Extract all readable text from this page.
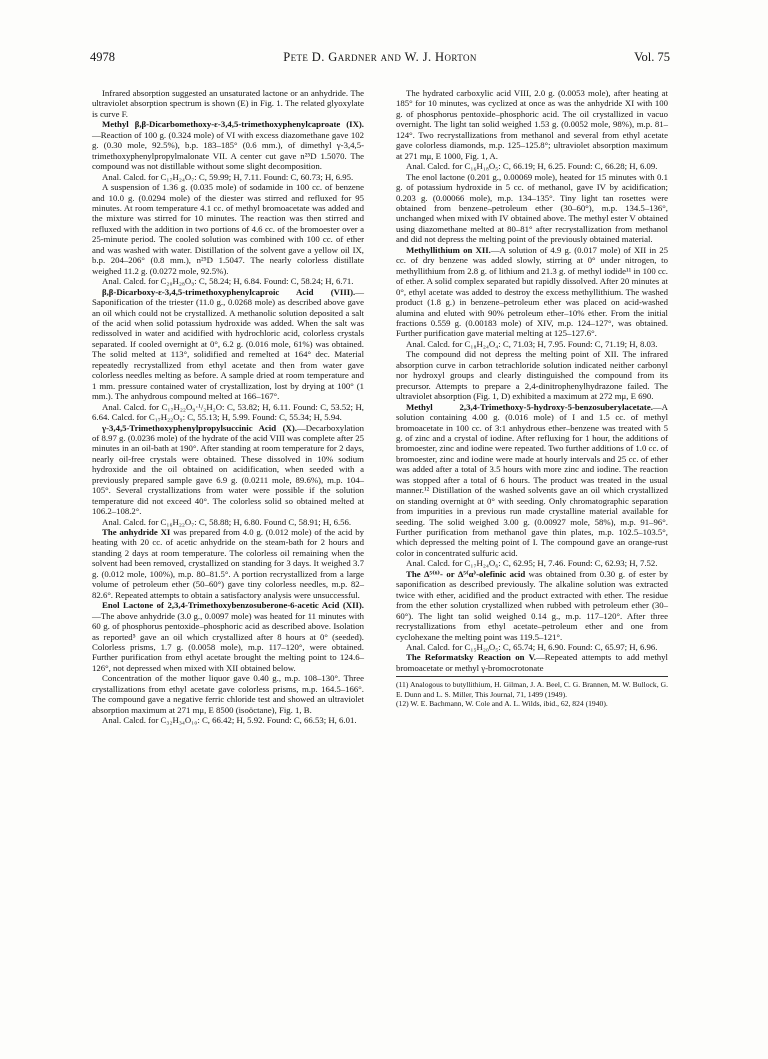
4978	Pete D. Gardner and W. J. Horton	Vol. 75

Infrared absorption suggested an unsaturated lactone or an anhydride. The ultraviolet absorption spectrum is shown (E) in Fig. 1. The related glyoxylate is curve F.

Methyl β,β-Dicarbomethoxy-ε-3,4,5-trimethoxyphenylcaproate (IX).—Reaction of 100 g. (0.324 mole) of VI with excess diazomethane gave 102 g. (0.30 mole, 92.5%), b.p. 183–185° (0.6 mm.), of dimethyl γ-3,4,5-trimethoxyphenylpropylmalonate VII. A center cut gave n²⁵D 1.5070. The compound was not distillable without some slight decomposition.

Anal. Calcd. for C₁₇H₂₄O₇: C, 59.99; H, 7.11. Found: C, 60.73; H, 6.95.

A suspension of 1.36 g. (0.035 mole) of sodamide in 100 cc. of benzene and 10.0 g. (0.0294 mole) of the diester was stirred and refluxed for 95 minutes. At room temperature 4.1 cc. of methyl bromoacetate was added and the mixture was stirred for 10 minutes. The reaction was then stirred and refluxed with the addition in two portions of 4.6 cc. of the bromoester over a 25-minute period. The cooled solution was combined with 100 cc. of ether and was washed with water. Distillation of the solvent gave a yellow oil IX, b.p. 204–206° (0.8 mm.), n²⁵D 1.5047. The nearly colorless distillate weighed 11.2 g. (0.0272 mole, 92.5%).

Anal. Calcd. for C₂₀H₂₈O₉: C, 58.24; H, 6.84. Found: C, 58.24; H, 6.71.

β,β-Dicarboxy-ε-3,4,5-trimethoxyphenylcaproic Acid (VIII).—Saponification of the triester (11.0 g., 0.0268 mole) as described above gave an oil which could not be crystallized. A methanolic solution deposited a salt of the acid when solid potassium hydroxide was added. When the salt was redissolved in water and acidified with hydrochloric acid, colorless crystals separated. If cooled overnight at 0°, 6.2 g. (0.016 mole, 61%) was obtained. The solid melted at 113°, solidified and remelted at 164° dec. Material repeatedly recrystallized from ethyl acetate and then from water gave colorless needles melting as before. A sample dried at room temperature and 1 mm. pressure contained water of crystallization, lost by drying at 100° (1 mm.). The anhydrous compound melted at 166–167°.

Anal. Calcd. for C₁₇H₂₂O₉·¹/₂H₂O: C, 53.82; H, 6.11. Found: C, 53.52; H, 6.64. Calcd. for C₁₇H₂₂O₉: C, 55.13; H, 5.99. Found: C, 55.34; H, 5.94.

γ-3,4,5-Trimethoxyphenylpropylsuccinic Acid (X).—Decarboxylation of 8.97 g. (0.0236 mole) of the hydrate of the acid VIII was complete after 25 minutes in an oil-bath at 190°. After standing at room temperature for 2 days, nearly oil-free crystals were obtained. These dissolved in 10% sodium hydroxide and the oil obtained on acidification, when seeded with a previously prepared sample gave 6.9 g. (0.0211 mole, 89.6%), m.p. 104–105°. Several crystallizations from water were possible if the solution temperature did not exceed 40°. The colorless solid so obtained melted at 106.2–108.2°.

Anal. Calcd. for C₁₆H₂₂O₇: C, 58.88; H, 6.80. Found C, 58.91; H, 6.56.

The anhydride XI was prepared from 4.0 g. (0.012 mole) of the acid by heating with 20 cc. of acetic anhydride on the steam-bath for 2 hours and standing 2 days at room temperature. The colorless oil remaining when the solvent had been removed, crystallized on standing for 3 days. It weighed 3.7 g. (0.012 mole, 100%), m.p. 80–81.5°. A portion recrystallized from a large volume of petroleum ether (50–60°) gave tiny colorless needles, m.p. 82–82.6°. Repeated attempts to obtain a satisfactory analysis were unsuccessful.

Enol Lactone of 2,3,4-Trimethoxybenzosuberone-6-acetic Acid (XII).—The above anhydride (3.0 g., 0.0097 mole) was heated for 11 minutes with 60 g. of phosphorus pentoxide–phosphoric acid as described above. Isolation as reported⁵ gave an oil which crystallized after 8 hours at 0° (seeded). Colorless prisms, 1.7 g. (0.0058 mole), m.p. 117–120°, were obtained. Further purification from ethyl acetate brought the melting point to 124.6–126°, not depressed when mixed with XII obtained below.

Concentration of the mother liquor gave 0.40 g., m.p. 108–130°. Three crystallizations from ethyl acetate gave colorless prisms, m.p. 164.5–166°. The compound gave a negative ferric chloride test and showed an ultraviolet absorption maximum at 271 mμ, E 8500 (isoöctane), Fig. 1, B.

Anal. Calcd. for C₃₂H₃₄O₁₀: C, 66.42; H, 5.92. Found: C, 66.53; H, 6.01.

The hydrated carboxylic acid VIII, 2.0 g. (0.0053 mole), after heating at 185° for 10 minutes, was cyclized at once as was the anhydride XI with 100 g. of phosphorus pentoxide–phosphoric acid. The oil crystallized in vacuo overnight. The light tan solid weighed 1.53 g. (0.0052 mole, 98%), m.p. 81–124°. Two recrystallizations from methanol and several from ethyl acetate gave colorless diamonds, m.p. 125–125.8°; ultraviolet absorption maximum at 271 mμ, E 1000, Fig. 1, A.

Anal. Calcd. for C₁₆H₁₈O₅: C, 66.19; H, 6.25. Found: C, 66.28; H, 6.09.

The enol lactone (0.201 g., 0.00069 mole), heated for 15 minutes with 0.1 g. of potassium hydroxide in 5 cc. of methanol, gave IV by acidification; 0.203 g. (0.00066 mole), m.p. 134–135°. Tiny light tan rosettes were obtained from benzene–petroleum ether (30–60°), m.p. 134.5–136°, unchanged when mixed with IV obtained above. The methyl ester V obtained using diazomethane melted at 80–81° after recrystallization from methanol and did not depress the melting point of the previously obtained material.

Methyllithium on XII.—A solution of 4.9 g. (0.017 mole) of XII in 25 cc. of dry benzene was added slowly, stirring at 0° under nitrogen, to methyllithium from 2.8 g. of lithium and 21.3 g. of methyl iodide¹¹ in 100 cc. of ether. A solid complex separated but rapidly dissolved. After 20 minutes at 0°, ethyl acetate was added to destroy the excess methyllithium. The washed product (1.8 g.) in benzene–petroleum ether was placed on acid-washed alumina and eluted with 90% petroleum ether–10% ether. From the initial fractions 0.559 g. (0.00183 mole) of XIV, m.p. 124–127°, was obtained. Further purification gave material melting at 125–127.6°.

Anal. Calcd. for C₁₈H₂₄O₄: C, 71.03; H, 7.95. Found: C, 71.19; H, 8.03.

The compound did not depress the melting point of XII. The infrared absorption curve in carbon tetrachloride solution indicated neither carbonyl nor hydroxyl groups and clearly distinguished the compound from its precursor. Attempts to prepare a 2,4-dinitrophenylhydrazone failed. The ultraviolet absorption (Fig. 1, D) exhibited a maximum at 272 mμ, E 690.

Methyl 2,3,4-Trimethoxy-5-hydroxy-5-benzosuberylacetate.—A solution containing 4.00 g. (0.016 mole) of I and 1.5 cc. of methyl bromoacetate in 100 cc. of 3:1 anhydrous ether–benzene was treated with 5 g. of zinc and a crystal of iodine. After refluxing for 1 hour, the additions of bromoester, zinc and iodine were repeated. Two further additions of 1.0 cc. of bromoester, zinc and iodine were made at hourly intervals and 25 cc. of ether was added after a total of 3.5 hours with more zinc and iodine. The reaction was stopped after a total of 6 hours. The product was treated in the usual manner.¹² Distillation of the washed solvents gave an oil which crystallized on standing overnight at 0° with seeding. Only chromatographic separation from impurities in a previous run made crystalline material available for seeding. The solid weighed 3.00 g. (0.00927 mole, 58%), m.p. 91–96°. Further purification from methanol gave thin plates, m.p. 102.5–103.5°, which depressed the melting point of I. The compound gave an orange-rust color in concentrated sulfuric acid.

Anal. Calcd. for C₁₇H₂₄O₆: C, 62.95; H, 7.46. Found: C, 62.93; H, 7.52.

The Δ⁵⁽⁶⁾- or Δ⁵⁽α⁾-olefinic acid was obtained from 0.30 g. of ester by saponification as described previously. The alkaline solution was extracted twice with ether, acidified and the product extracted with ether. The residue from the ether solution crystallized when rubbed with petroleum ether (30–60°). The light tan solid weighed 0.14 g., m.p. 117–120°. After three recrystallizations from ethyl acetate–petroleum ether and one from cyclohexane the melting point was 119.5–121°.

Anal. Calcd. for C₁₅H₂₀O₅: C, 65.74; H, 6.90. Found: C, 65.97; H, 6.96.

The Reformatsky Reaction on V.—Repeated attempts to add methyl bromoacetate or methyl γ-bromocrotonate

(11) Analogous to butyllithium, H. Gilman, J. A. Beel, C. G. Brannen, M. W. Bullock, G. E. Dunn and L. S. Miller, This Journal, 71, 1499 (1949).

(12) W. E. Bachmann, W. Cole and A. L. Wilds, ibid., 62, 824 (1940).
